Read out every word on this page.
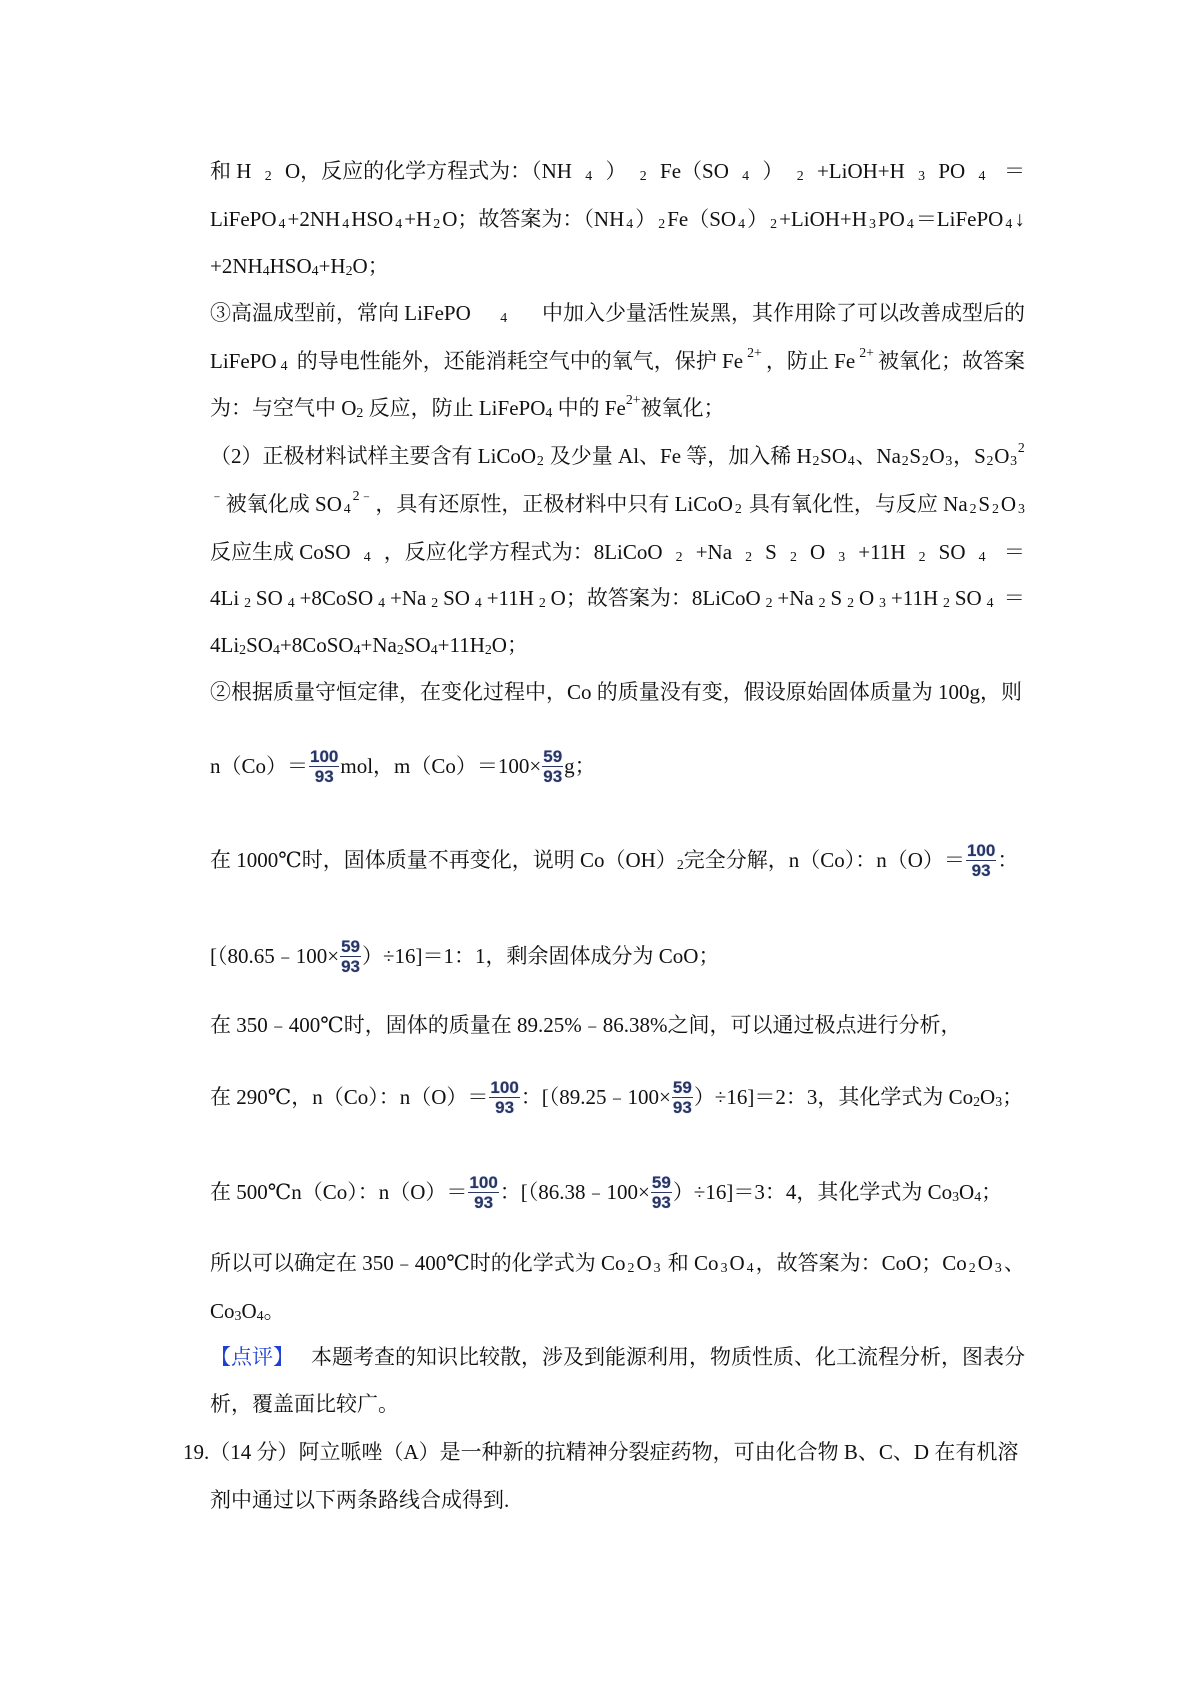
和 H 2 O，反应的化学方程式为：（NH 4 ） 2 Fe（SO 4 ） 2 +LiOH+H 3 PO 4 ＝
LiFePO 4 +2NH 4 HSO 4 +H 2 O；故答案为：（NH 4 ） 2 Fe（SO 4 ） 2 +LiOH+H 3 PO 4 ＝LiFePO 4 ↓
+2NH 4 HSO 4 +H 2 O；
③高温成型前，常向 LiFePO 4 中加入少量活性炭黑，其作用除了可以改善成型后的
LiFePO 4 的导电性能外，还能消耗空气中的氧气，保护 Fe 2+ ，防止 Fe 2+ 被氧化；故答案
为：与空气中 O 2 反应，防止 LiFePO 4 中的 Fe 2+ 被氧化；
（2）正极材料试样主要含有 LiCoO 2 及少量 Al、Fe 等，加入稀 H 2 SO 4 、Na 2 S 2 O 3 ，S 2 O 3
2
﹣ 被氧化成 SO 4
2﹣ ，具有还原性，正极材料中只有 LiCoO 2 具有氧化性，与反应 Na 2 S 2 O 3
反应生成 CoSO 4 ，反应化学方程式为：8LiCoO 2 +Na 2 S 2 O 3 +11H 2 SO 4 ＝
4Li 2 SO 4 +8CoSO 4 +Na 2 SO 4 +11H 2 O；故答案为：8LiCoO 2 +Na 2 S 2 O 3 +11H 2 SO 4 ＝
4Li 2 SO 4 +8CoSO 4 +Na 2 SO 4 +11H 2 O；
②根据质量守恒定律，在变化过程中，Co 的质量没有变，假设原始固体质量为 100g，则
$n(Co)= \frac{100}{93}$ mol，$m(Co)=100\times \frac{59}{93}$ g；
在 1000℃时，固体质量不再变化，说明 Co（OH） 2 完全分解，n（Co）：$n(O)= \frac{100}{93}$ ：
[（80.65﹣100× $\frac{59}{93} )\div 16]=1$：1，剩余固体成分为 CoO；
在 350﹣400℃时，固体的质量在 89.25%﹣86.38%之间，可以通过极点进行分析，
在 290℃，n（Co）：$n(O)= \frac{100}{93}$ ：[（89.25﹣100× $\frac{59}{93} )\div 16]=2$：3，其化学式为 Co 2 O 3 ；
在 500℃n（Co）：$n(O)= \frac{100}{93}$ ：[（86.38﹣100× $\frac{59}{93} )\div 16]=3$：4，其化学式为 Co 3 O 4 ；
所以可以确定在 350﹣400℃时的化学式为 Co 2 O 3 和 Co 3 O 4 ，故答案为：CoO；Co 2 O 3 、
Co 3 O 4 。
【点评】 本题考查的知识比较散，涉及到能源利用，物质性质、化工流程分析，图表分
析，覆盖面比较广。
19.（14 分）阿立哌唑（A）是一种新的抗精神分裂症药物，可由化合物 B、C、D 在有机溶
剂中通过以下两条路线合成得到.
